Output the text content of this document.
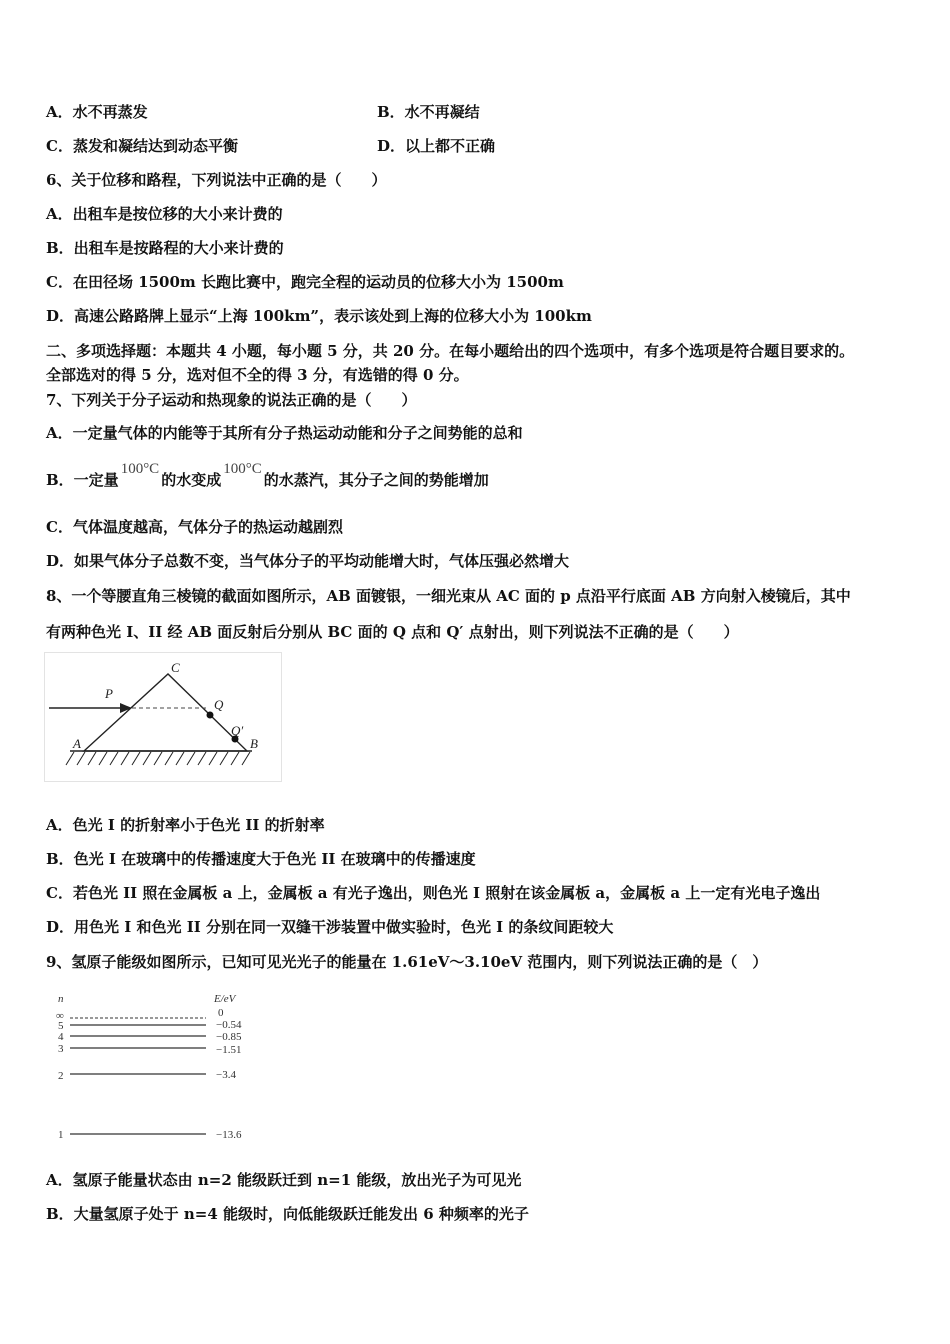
A．水不再蒸发	B．水不再凝结
C．蒸发和凝结达到动态平衡	D．以上都不正确
6、关于位移和路程，下列说法中正确的是（　　）
A．出租车是按位移的大小来计费的
B．出租车是按路程的大小来计费的
C．在田径场 1500m 长跑比赛中，跑完全程的运动员的位移大小为 1500m
D．高速公路路牌上显示“上海 100km”，表示该处到上海的位移大小为 100km
二、多项选择题：本题共 4 小题，每小题 5 分，共 20 分。在每小题给出的四个选项中，有多个选项是符合题目要求的。
全部选对的得 5 分，选对但不全的得 3 分，有选错的得 0 分。
7、下列关于分子运动和热现象的说法正确的是（　　）
A．一定量气体的内能等于其所有分子热运动动能和分子之间势能的总和
B．一定量100°C的水变成100°C的水蒸汽，其分子之间的势能增加
C．气体温度越高，气体分子的热运动越剧烈
D．如果气体分子总数不变，当气体分子的平均动能增大时，气体压强必然增大
8、一个等腰直角三棱镜的截面如图所示，AB 面镀银，一细光束从 AC 面的 p 点沿平行底面 AB 方向射入棱镜后，其中
有两种色光 I、II 经 AB 面反射后分别从 BC 面的 Q 点和 Q′ 点射出，则下列说法不正确的是（　　）
C
P
Q
Q′
A	B
A．色光 I 的折射率小于色光 II 的折射率
B．色光 I 在玻璃中的传播速度大于色光 II 在玻璃中的传播速度
C．若色光 II 照在金属板 a 上，金属板 a 有光子逸出，则色光 I 照射在该金属板 a，金属板 a 上一定有光电子逸出
D．用色光 I 和色光 II 分别在同一双缝干涉装置中做实验时，色光 I 的条纹间距较大
9、氢原子能级如图所示，已知可见光光子的能量在 1.61eV～3.10eV 范围内，则下列说法正确的是（　）
n	E/eV
∞	0
5	−0.54
4	−0.85
3	−1.51
2	−3.4
1	−13.6
A．氢原子能量状态由 n=2 能级跃迁到 n=1 能级，放出光子为可见光
B．大量氢原子处于 n=4 能级时，向低能级跃迁能发出 6 种频率的光子
